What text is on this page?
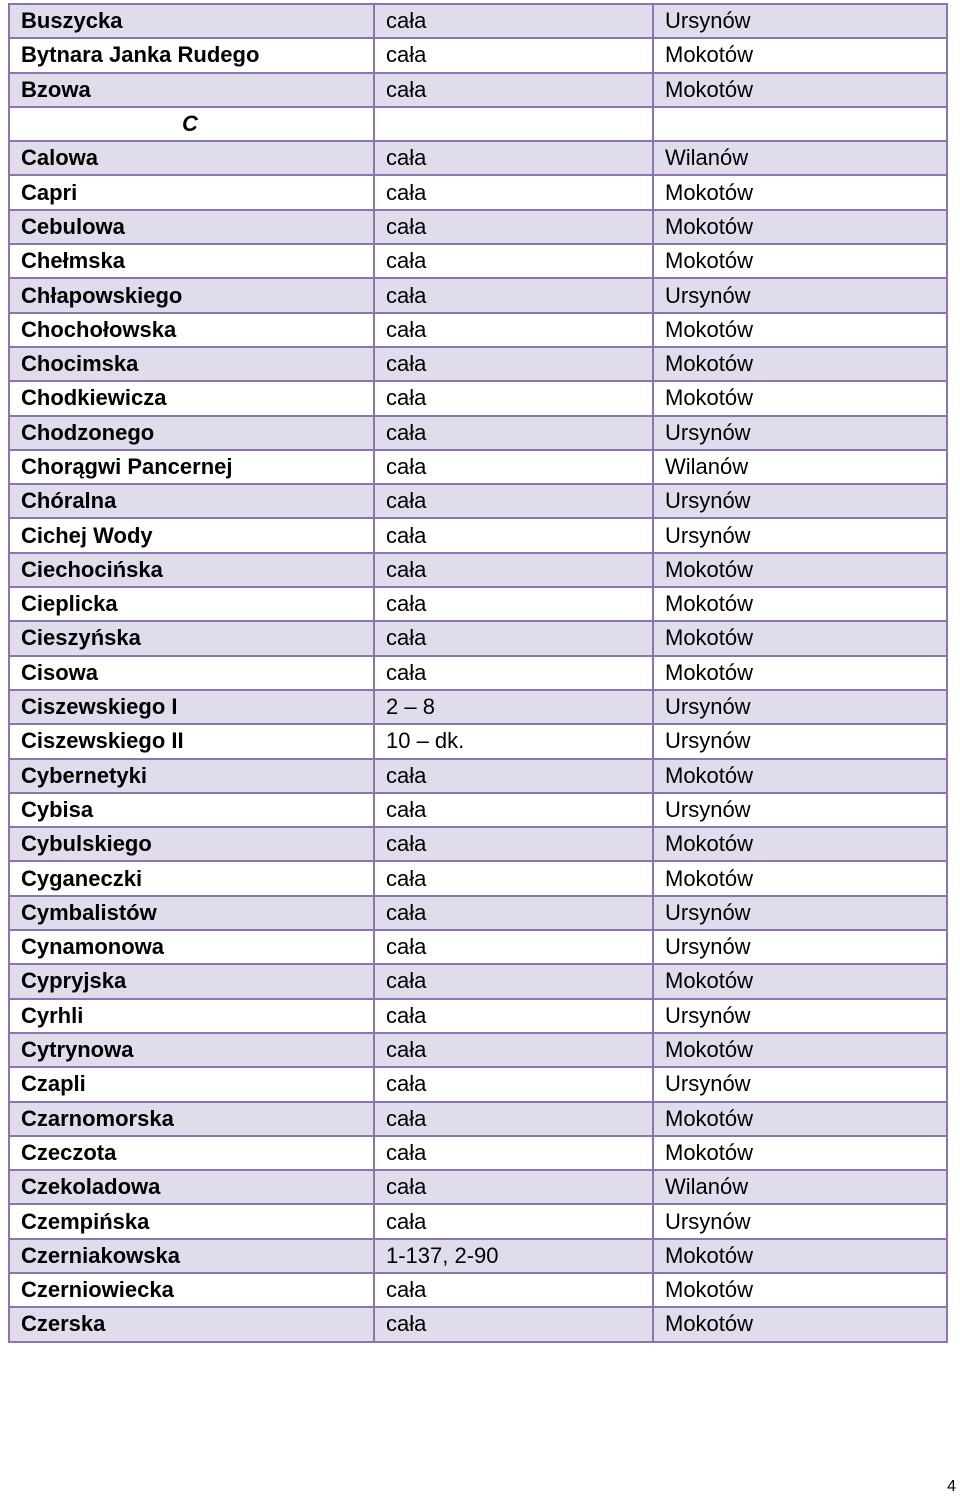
Buszycka	cała	Ursynów
Bytnara Janka Rudego	cała	Mokotów
Bzowa	cała	Mokotów
C		
Calowa	cała	Wilanów
Capri	cała	Mokotów
Cebulowa	cała	Mokotów
Chełmska	cała	Mokotów
Chłapowskiego	cała	Ursynów
Chochołowska	cała	Mokotów
Chocimska	cała	Mokotów
Chodkiewicza	cała	Mokotów
Chodzonego	cała	Ursynów
Chorągwi Pancernej	cała	Wilanów
Chóralna	cała	Ursynów
Cichej Wody	cała	Ursynów
Ciechocińska	cała	Mokotów
Cieplicka	cała	Mokotów
Cieszyńska	cała	Mokotów
Cisowa	cała	Mokotów
Ciszewskiego I	2 – 8	Ursynów
Ciszewskiego II	10 – dk.	Ursynów
Cybernetyki	cała	Mokotów
Cybisa	cała	Ursynów
Cybulskiego	cała	Mokotów
Cyganeczki	cała	Mokotów
Cymbalistów	cała	Ursynów
Cynamonowa	cała	Ursynów
Cypryjska	cała	Mokotów
Cyrhli	cała	Ursynów
Cytrynowa	cała	Mokotów
Czapli	cała	Ursynów
Czarnomorska	cała	Mokotów
Czeczota	cała	Mokotów
Czekoladowa	cała	Wilanów
Czempińska	cała	Ursynów
Czerniakowska	1-137, 2-90	Mokotów
Czerniowiecka	cała	Mokotów
Czerska	cała	Mokotów
4
